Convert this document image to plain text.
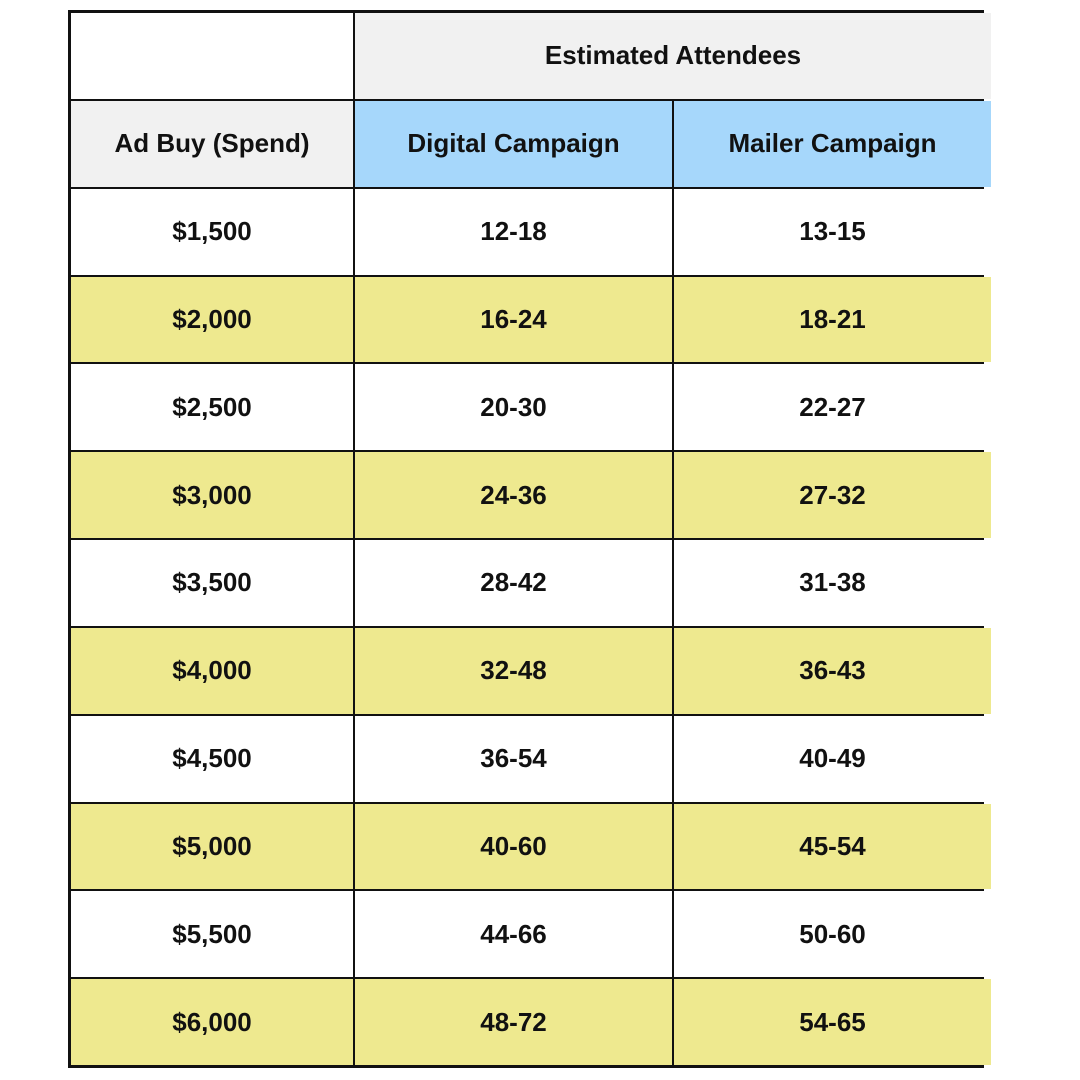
Estimated Attendees
Ad Buy (Spend)	Digital Campaign	Mailer Campaign
$1,500	12-18	13-15
$2,000	16-24	18-21
$2,500	20-30	22-27
$3,000	24-36	27-32
$3,500	28-42	31-38
$4,000	32-48	36-43
$4,500	36-54	40-49
$5,000	40-60	45-54
$5,500	44-66	50-60
$6,000	48-72	54-65
